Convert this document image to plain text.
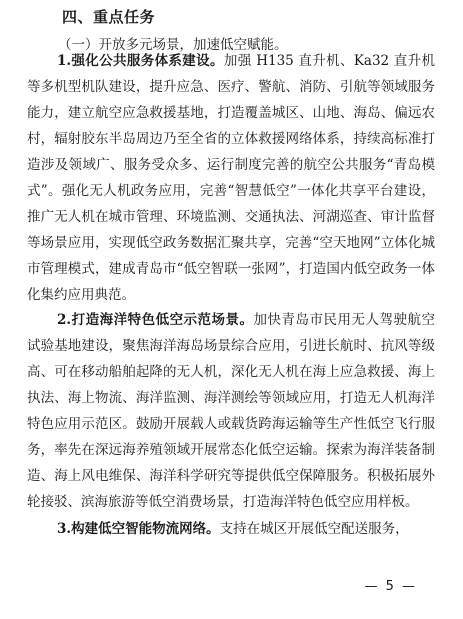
四、重点任务

（一）开放多元场景，加速低空赋能。

1.强化公共服务体系建设。加强 H135 直升机、Ka32 直升机等多机型机队建设，提升应急、医疗、警航、消防、引航等领域服务能力，建立航空应急救援基地，打造覆盖城区、山地、海岛、偏远农村，辐射胶东半岛周边乃至全省的立体救援网络体系，持续高标准打造涉及领域广、服务受众多、运行制度完善的航空公共服务“青岛模式”。强化无人机政务应用，完善“智慧低空”一体化共享平台建设，推广无人机在城市管理、环境监测、交通执法、河湖巡查、审计监督等场景应用，实现低空政务数据汇聚共享，完善“空天地网”立体化城市管理模式，建成青岛市“低空智联一张网”，打造国内低空政务一体化集约应用典范。

2.打造海洋特色低空示范场景。加快青岛市民用无人驾驶航空试验基地建设，聚焦海洋海岛场景综合应用，引进长航时、抗风等级高、可在移动船舶起降的无人机，深化无人机在海上应急救援、海上执法、海上物流、海洋监测、海洋测绘等领域应用，打造无人机海洋特色应用示范区。鼓励开展载人或载货跨海运输等生产性低空飞行服务，率先在深远海养殖领域开展常态化低空运输。探索为海洋装备制造、海上风电维保、海洋科学研究等提供低空保障服务。积极拓展外轮接驳、滨海旅游等低空消费场景，打造海洋特色低空应用样板。

3.构建低空智能物流网络。支持在城区开展低空配送服务，

— 5 —
